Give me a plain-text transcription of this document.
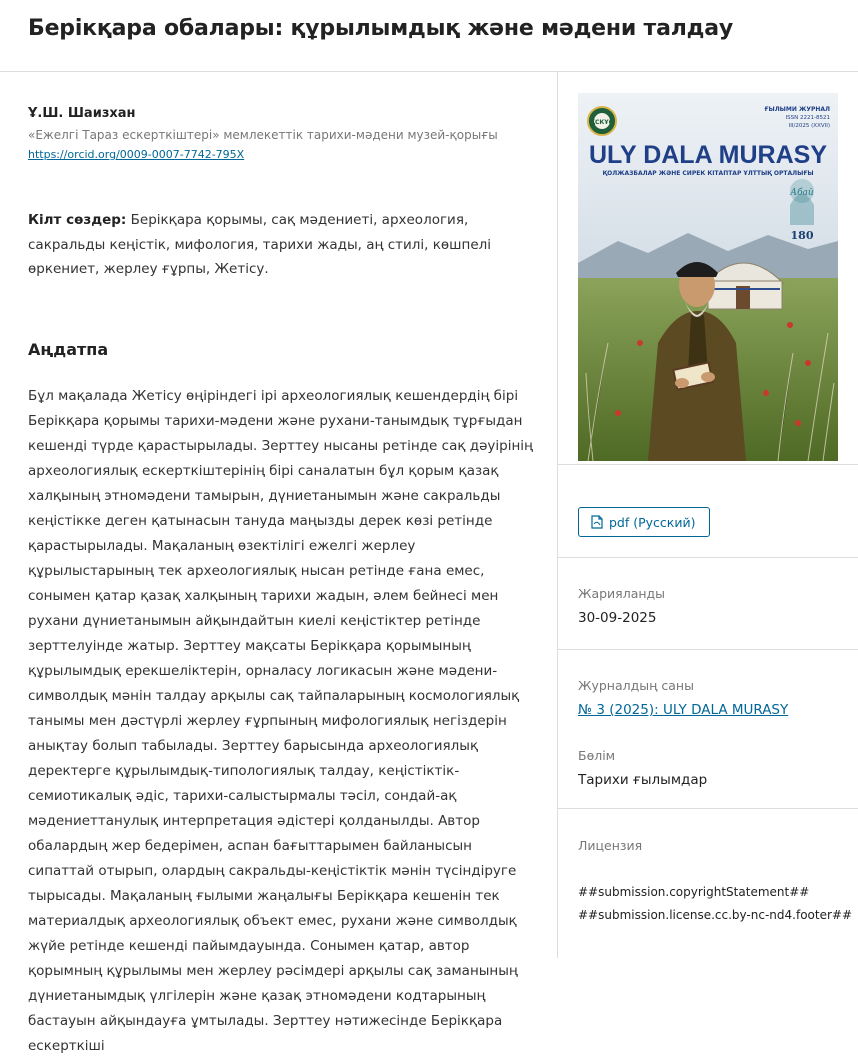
Берікқара обалары: құрылымдық және мәдени талдау
Ұ.Ш. Шаизхан
«Ежелгі Тараз ескерткіштері» мемлекеттік тарихи-мәдени музей-қорығы
https://orcid.org/0009-0007-7742-795X
Кілт сөздер: Берікқара қорымы, сақ мәдениеті, археология, сакральды кеңістік, мифология, тарихи жады, аң стилі, көшпелі өркениет, жерлеу ғұрпы, Жетісу.
Аңдатпа
Бұл мақалада Жетісу өңіріндегі ірі археологиялық кешендердің бірі Берікқара қорымы тарихи-мәдени және рухани-танымдық тұрғыдан кешенді түрде қарастырылады. Зерттеу нысаны ретінде сақ дәуірінің археологиялық ескерткіштерінің бірі саналатын бұл қорым қазақ халқының этномәдени тамырын, дүниетанымын және сакральды кеңістікке деген қатынасын тануда маңызды дерек көзі ретінде қарастырылады. Мақаланың өзектілігі ежелгі жерлеу құрылыстарының тек археологиялық нысан ретінде ғана емес, сонымен қатар қазақ халқының тарихи жадын, әлем бейнесі мен рухани дүниетанымын айқындайтын киелі кеңістіктер ретінде зерттелуінде жатыр. Зерттеу мақсаты Берікқара қорымының құрылымдық ерекшеліктерін, орналасу логикасын және мәдени-символдық мәнін талдау арқылы сақ тайпаларының космологиялық танымы мен дәстүрлі жерлеу ғұрпының мифологиялық негіздерін анықтау болып табылады. Зерттеу барысында археологиялық деректерге құрылымдық-типологиялық талдау, кеңістіктік-семиотикалық әдіс, тарихи-салыстырмалы тәсіл, сондай-ақ мәдениеттанулық интерпретация әдістері қолданылды. Автор обалардың жер бедерімен, аспан бағыттарымен байланысын сипаттай отырып, олардың сакральды-кеңістіктік мәнін түсіндіруге тырысады. Мақаланың ғылыми жаңалығы Берікқара кешенін тек материалдық археологиялық объект емес, рухани және символдық жүйе ретінде кешенді пайымдауында. Сонымен қатар, автор қорымның құрылымы мен жерлеу рәсімдері арқылы сақ заманының дүниетанымдық үлгілерін және қазақ этномәдени кодтарының бастауын айқындауға ұмтылады. Зерттеу нәтижесінде Берікқара ескерткіші
ҚСКҰО
Абай
180
ҒЫЛЫМИ ЖУРНАЛ
ISSN 2221-8521
III/2025 (XXVII)
ULY DALA MURASY
ҚОЛЖАЗБАЛАР ЖӘНЕ СИРЕК КІТАПТАР ҰЛТТЫҚ ОРТАЛЫҒЫ
pdf (Русский)
Жарияланды
30-09-2025
Журналдың саны
№ 3 (2025): ULY DALA MURASY
Бөлім
Тарихи ғылымдар
Лицензия
##submission.copyrightStatement##
##submission.license.cc.by-nc-nd4.footer##
